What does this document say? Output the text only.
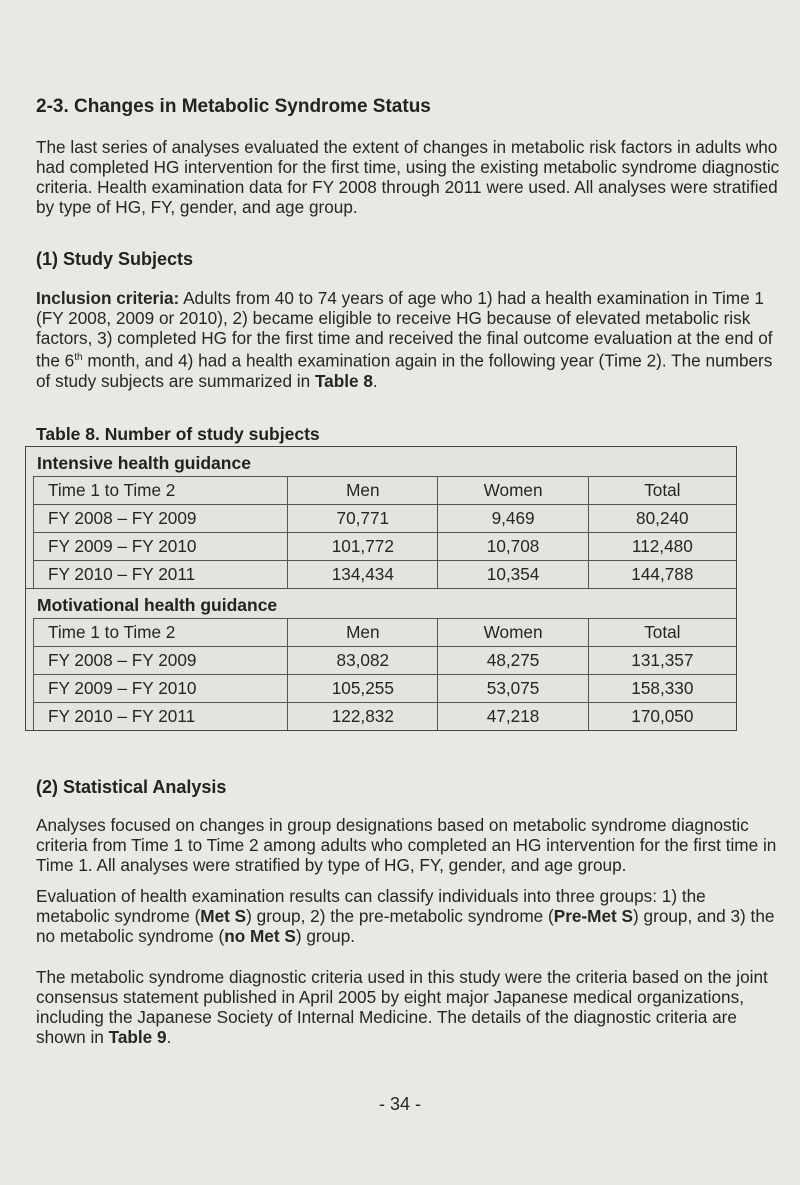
2-3. Changes in Metabolic Syndrome Status

The last series of analyses evaluated the extent of changes in metabolic risk factors in adults who had completed HG intervention for the first time, using the existing metabolic syndrome diagnostic criteria. Health examination data for FY 2008 through 2011 were used. All analyses were stratified by type of HG, FY, gender, and age group.

(1) Study Subjects

Inclusion criteria: Adults from 40 to 74 years of age who 1) had a health examination in Time 1 (FY 2008, 2009 or 2010), 2) became eligible to receive HG because of elevated metabolic risk factors, 3) completed HG for the first time and received the final outcome evaluation at the end of the 6th month, and 4) had a health examination again in the following year (Time 2). The numbers of study subjects are summarized in Table 8.

Table 8. Number of study subjects

Intensive health guidance
Time 1 to Time 2	Men	Women	Total
FY 2008 – FY 2009	70,771	9,469	80,240
FY 2009 – FY 2010	101,772	10,708	112,480
FY 2010 – FY 2011	134,434	10,354	144,788
Motivational health guidance
Time 1 to Time 2	Men	Women	Total
FY 2008 – FY 2009	83,082	48,275	131,357
FY 2009 – FY 2010	105,255	53,075	158,330
FY 2010 – FY 2011	122,832	47,218	170,050
(2) Statistical Analysis

Analyses focused on changes in group designations based on metabolic syndrome diagnostic criteria from Time 1 to Time 2 among adults who completed an HG intervention for the first time in Time 1. All analyses were stratified by type of HG, FY, gender, and age group.

Evaluation of health examination results can classify individuals into three groups: 1) the metabolic syndrome (Met S) group, 2) the pre-metabolic syndrome (Pre-Met S) group, and 3) the no metabolic syndrome (no Met S) group.

The metabolic syndrome diagnostic criteria used in this study were the criteria based on the joint consensus statement published in April 2005 by eight major Japanese medical organizations, including the Japanese Society of Internal Medicine. The details of the diagnostic criteria are shown in Table 9.

- 34 -
